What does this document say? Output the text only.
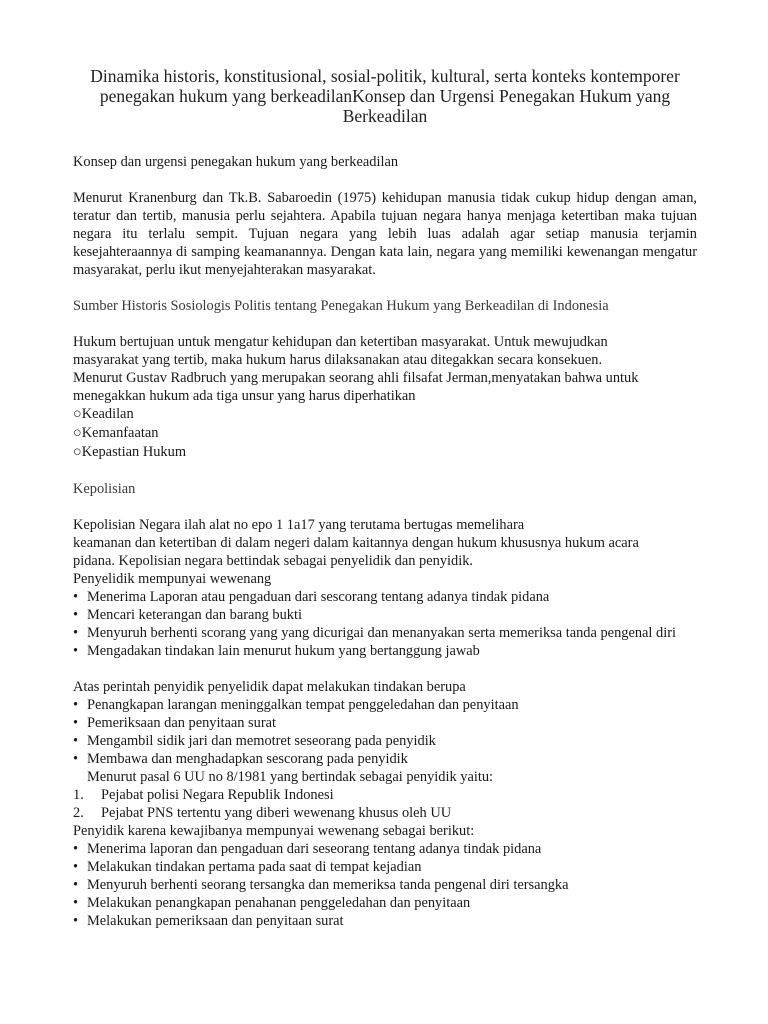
Dinamika historis, konstitusional, sosial-politik, kultural, serta konteks kontemporer penegakan hukum yang berkeadilanKonsep dan Urgensi Penegakan Hukum yang Berkeadilan

Konsep dan urgensi penegakan hukum yang berkeadilan

Menurut Kranenburg dan Tk.B. Sabaroedin (1975) kehidupan manusia tidak cukup hidup dengan aman, teratur dan tertib, manusia perlu sejahtera. Apabila tujuan negara hanya menjaga ketertiban maka tujuan negara itu terlalu sempit. Tujuan negara yang lebih luas adalah agar setiap manusia terjamin kesejahteraannya di samping keamanannya. Dengan kata lain, negara yang memiliki kewenangan mengatur masyarakat, perlu ikut menyejahterakan masyarakat.

Sumber Historis Sosiologis Politis tentang Penegakan Hukum yang Berkeadilan di Indonesia

Hukum bertujuan untuk mengatur kehidupan dan ketertiban masyarakat. Untuk mewujudkan

masyarakat yang tertib, maka hukum harus dilaksanakan atau ditegakkan secara konsekuen.

Menurut Gustav Radbruch yang merupakan seorang ahli filsafat Jerman,menyatakan bahwa untuk

menegakkan hukum ada tiga unsur yang harus diperhatikan

○Keadilan
○Kemanfaatan
○Kepastian Hukum

Kepolisian

Kepolisian Negara ilah alat no epo 1 1a17 yang terutama bertugas memelihara

keamanan dan ketertiban di dalam negeri dalam kaitannya dengan hukum khususnya hukum acara

pidana. Kepolisian negara bettindak sebagai penyelidik dan penyidik.

Penyelidik mempunyai wewenang

• Menerima Laporan atau pengaduan dari sescorang tentang adanya tindak pidana
• Mencari keterangan dan barang bukti
• Menyuruh berhenti scorang yang yang dicurigai dan menanyakan serta memeriksa tanda pengenal diri
• Mengadakan tindakan lain menurut hukum yang bertanggung jawab

Atas perintah penyidik penyelidik dapat melakukan tindakan berupa

• Penangkapan larangan meninggalkan tempat penggeledahan dan penyitaan
• Pemeriksaan dan penyitaan surat
• Mengambil sidik jari dan memotret seseorang pada penyidik
• Membawa dan menghadapkan sescorang pada penyidik

Menurut pasal 6 UU no 8/1981 yang bertindak sebagai penyidik yaitu:

1. Pejabat polisi Negara Republik Indonesi
2. Pejabat PNS tertentu yang diberi wewenang khusus oleh UU

Penyidik karena kewajibanya mempunyai wewenang sebagai berikut:

• Menerima laporan dan pengaduan dari seseorang tentang adanya tindak pidana
• Melakukan tindakan pertama pada saat di tempat kejadian
• Menyuruh berhenti seorang tersangka dan memeriksa tanda pengenal diri tersangka
• Melakukan penangkapan penahanan penggeledahan dan penyitaan
• Melakukan pemeriksaan dan penyitaan surat
